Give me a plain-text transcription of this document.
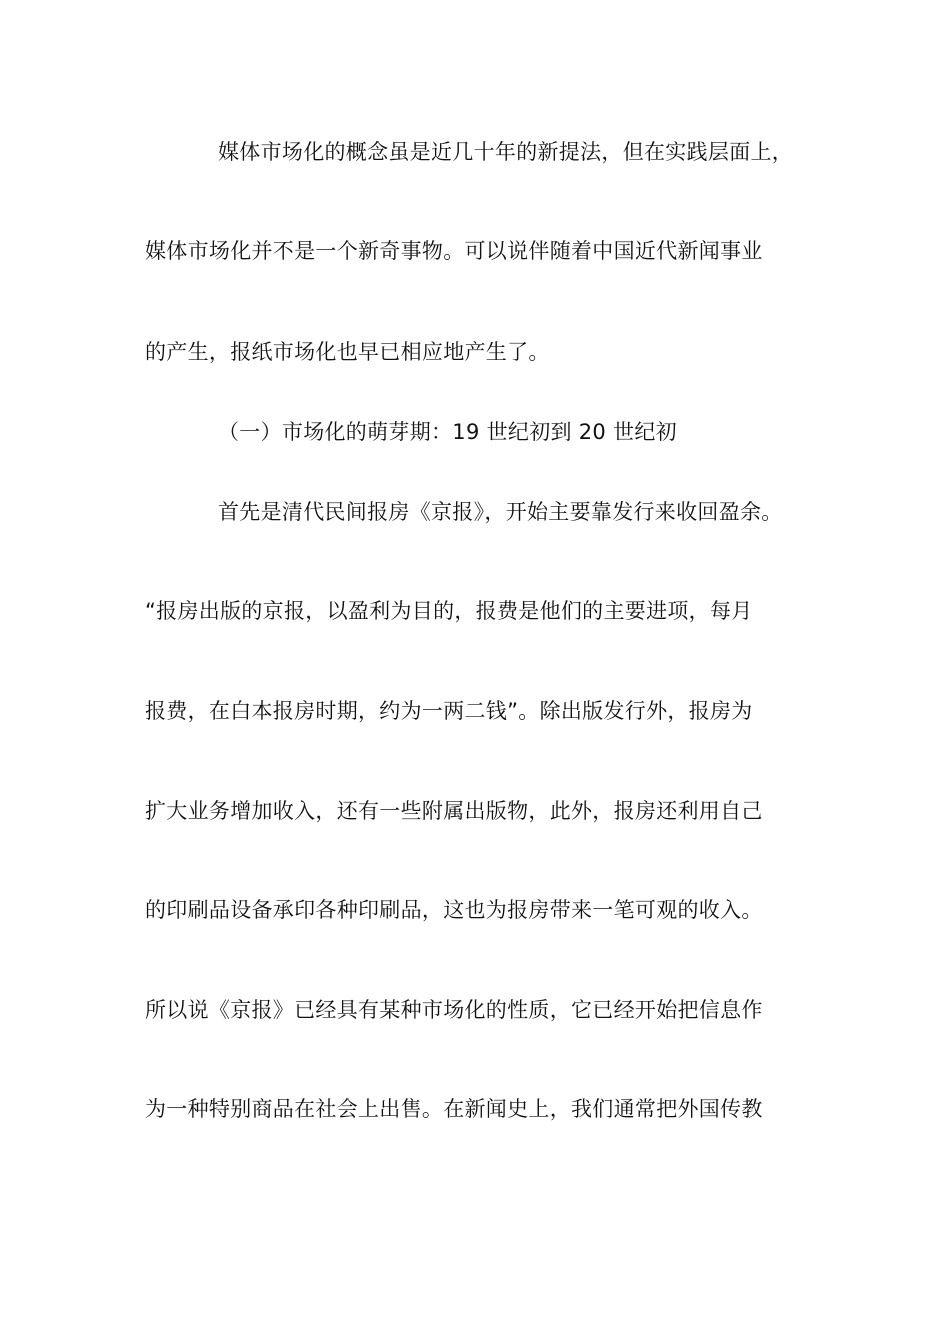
媒体市场化的概念虽是近几十年的新提法，但在实践层面上，
媒体市场化并不是一个新奇事物。可以说伴随着中国近代新闻事业
的产生，报纸市场化也早已相应地产生了。
（一）市场化的萌芽期：19 世纪初到 20 世纪初
首先是清代民间报房《京报》，开始主要靠发行来收回盈余。
“报房出版的京报，以盈利为目的，报费是他们的主要进项，每月
报费，在白本报房时期，约为一两二钱”。除出版发行外，报房为
扩大业务增加收入，还有一些附属出版物，此外，报房还利用自己
的印刷品设备承印各种印刷品，这也为报房带来一笔可观的收入。
所以说《京报》已经具有某种市场化的性质，它已经开始把信息作
为一种特别商品在社会上出售。在新闻史上，我们通常把外国传教
